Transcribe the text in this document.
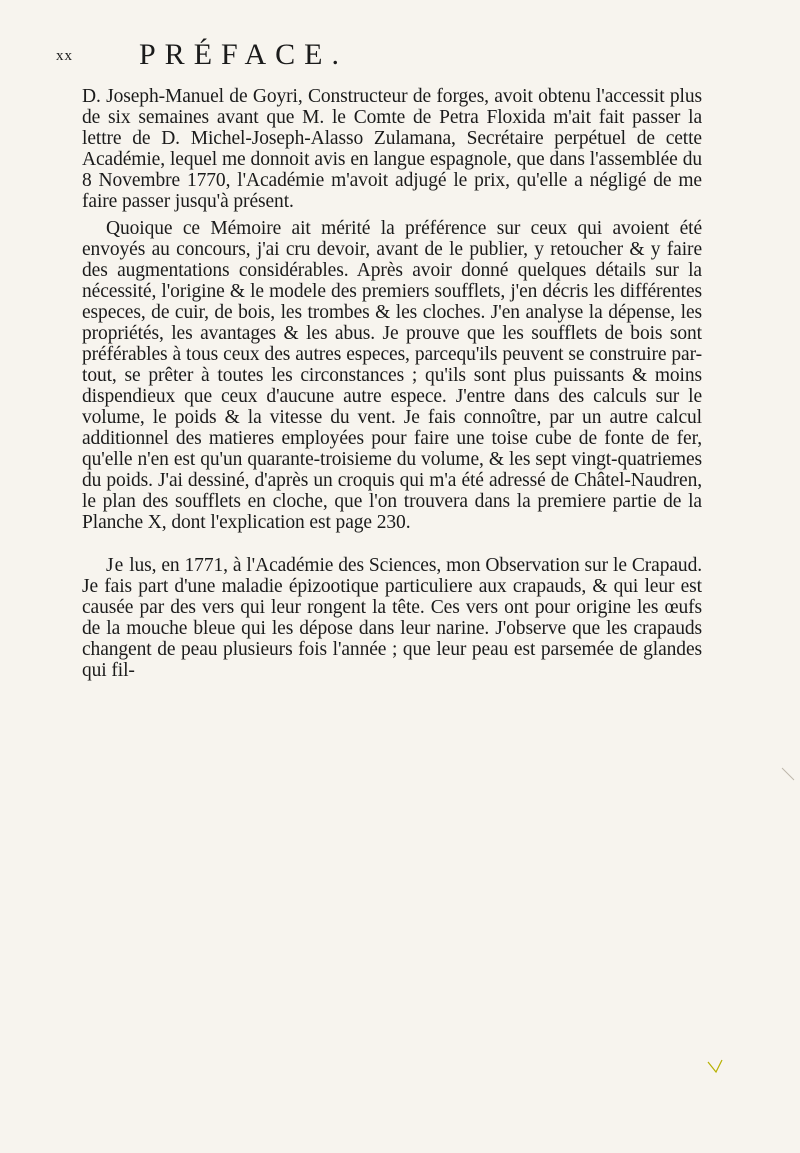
xx PRÉFACE.

D. Joseph-Manuel de Goyri, Constructeur de forges, avoit obtenu l'accessit plus de six semaines avant que M. le Comte de Petra Floxida m'ait fait passer la lettre de D. Michel-Joseph-Alasso Zulamana, Secrétaire perpétuel de cette Académie, lequel me donnoit avis en langue espagnole, que dans l'assemblée du 8 Novembre 1770, l'Académie m'avoit adjugé le prix, qu'elle a négligé de me faire passer jusqu'à présent.

Quoique ce Mémoire ait mérité la préférence sur ceux qui avoient été envoyés au concours, j'ai cru devoir, avant de le publier, y retoucher & y faire des augmentations considérables. Après avoir donné quelques détails sur la nécessité, l'origine & le modele des premiers soufflets, j'en décris les différentes especes, de cuir, de bois, les trombes & les cloches. J'en analyse la dépense, les propriétés, les avantages & les abus. Je prouve que les soufflets de bois sont préférables à tous ceux des autres especes, parcequ'ils peuvent se construire par-tout, se prêter à toutes les circonstances ; qu'ils sont plus puissants & moins dispendieux que ceux d'aucune autre espece. J'entre dans des calculs sur le volume, le poids & la vitesse du vent. Je fais connoître, par un autre calcul additionnel des matieres employées pour faire une toise cube de fonte de fer, qu'elle n'en est qu'un quarante-troisieme du volume, & les sept vingt-quatriemes du poids. J'ai dessiné, d'après un croquis qui m'a été adressé de Châtel-Naudren, le plan des soufflets en cloche, que l'on trouvera dans la premiere partie de la Planche X, dont l'explication est page 230.

Je lus, en 1771, à l'Académie des Sciences, mon Observation sur le Crapaud. Je fais part d'une maladie épizootique particuliere aux crapauds, & qui leur est causée par des vers qui leur rongent la tête. Ces vers ont pour origine les œufs de la mouche bleue qui les dépose dans leur narine. J'observe que les crapauds changent de peau plusieurs fois l'année ; que leur peau est parsemée de glandes qui fil-
